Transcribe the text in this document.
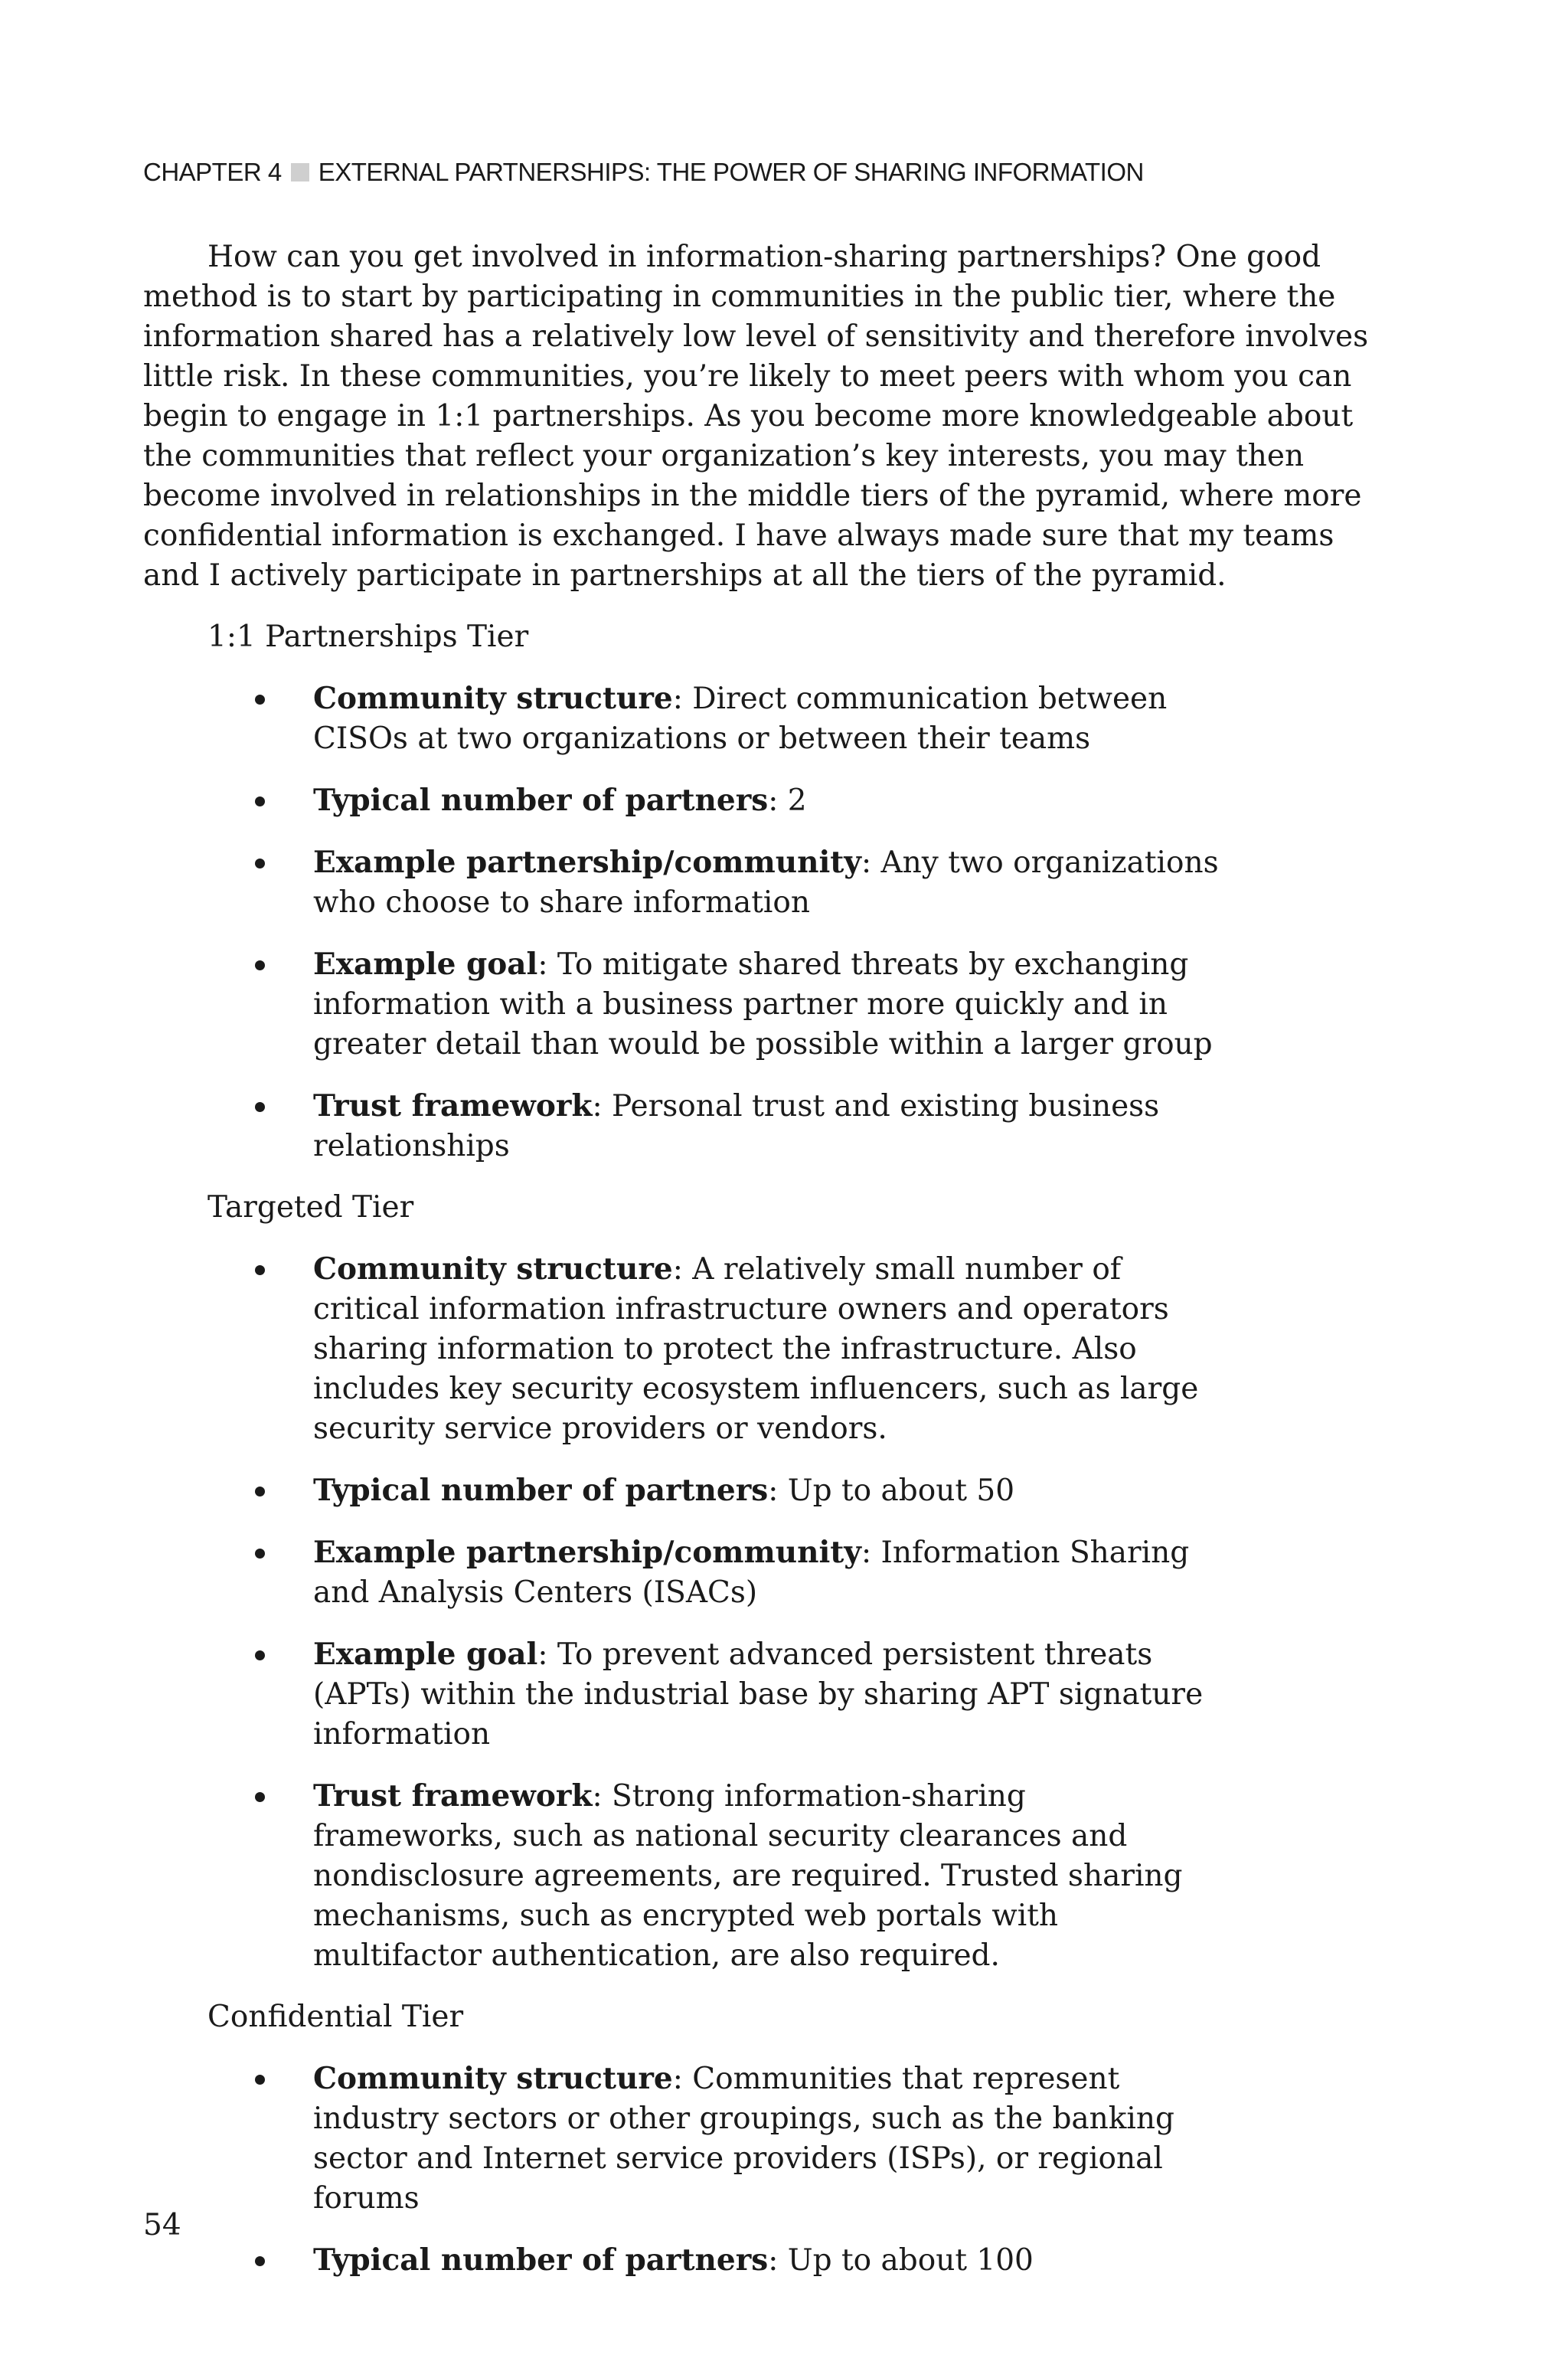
CHAPTER 4 EXTERNAL PARTNERSHIPS: THE POWER OF SHARING INFORMATION

How can you get involved in information-sharing partnerships? One good method is to start by participating in communities in the public tier, where the information shared has a relatively low level of sensitivity and therefore involves little risk. In these communities, you’re likely to meet peers with whom you can begin to engage in 1:1 partnerships. As you become more knowledgeable about the communities that reflect your organization’s key interests, you may then become involved in relationships in the middle tiers of the pyramid, where more confidential information is exchanged. I have always made sure that my teams and I actively participate in partnerships at all the tiers of the pyramid.

1:1 Partnerships Tier

Community structure: Direct communication between CISOs at two organizations or between their teams
Typical number of partners: 2
Example partnership/community: Any two organizations who choose to share information
Example goal: To mitigate shared threats by exchanging information with a business partner more quickly and in greater detail than would be possible within a larger group
Trust framework: Personal trust and existing business relationships

Targeted Tier

Community structure: A relatively small number of critical information infrastructure owners and operators sharing information to protect the infrastructure. Also includes key security ecosystem influencers, such as large security service providers or vendors.
Typical number of partners: Up to about 50
Example partnership/community: Information Sharing and Analysis Centers (ISACs)
Example goal: To prevent advanced persistent threats (APTs) within the industrial base by sharing APT signature information
Trust framework: Strong information-sharing frameworks, such as national security clearances and nondisclosure agreements, are required. Trusted sharing mechanisms, such as encrypted web portals with multifactor authentication, are also required.

Confidential Tier

Community structure: Communities that represent industry sectors or other groupings, such as the banking sector and Internet service providers (ISPs), or regional forums
Typical number of partners: Up to about 100
54
